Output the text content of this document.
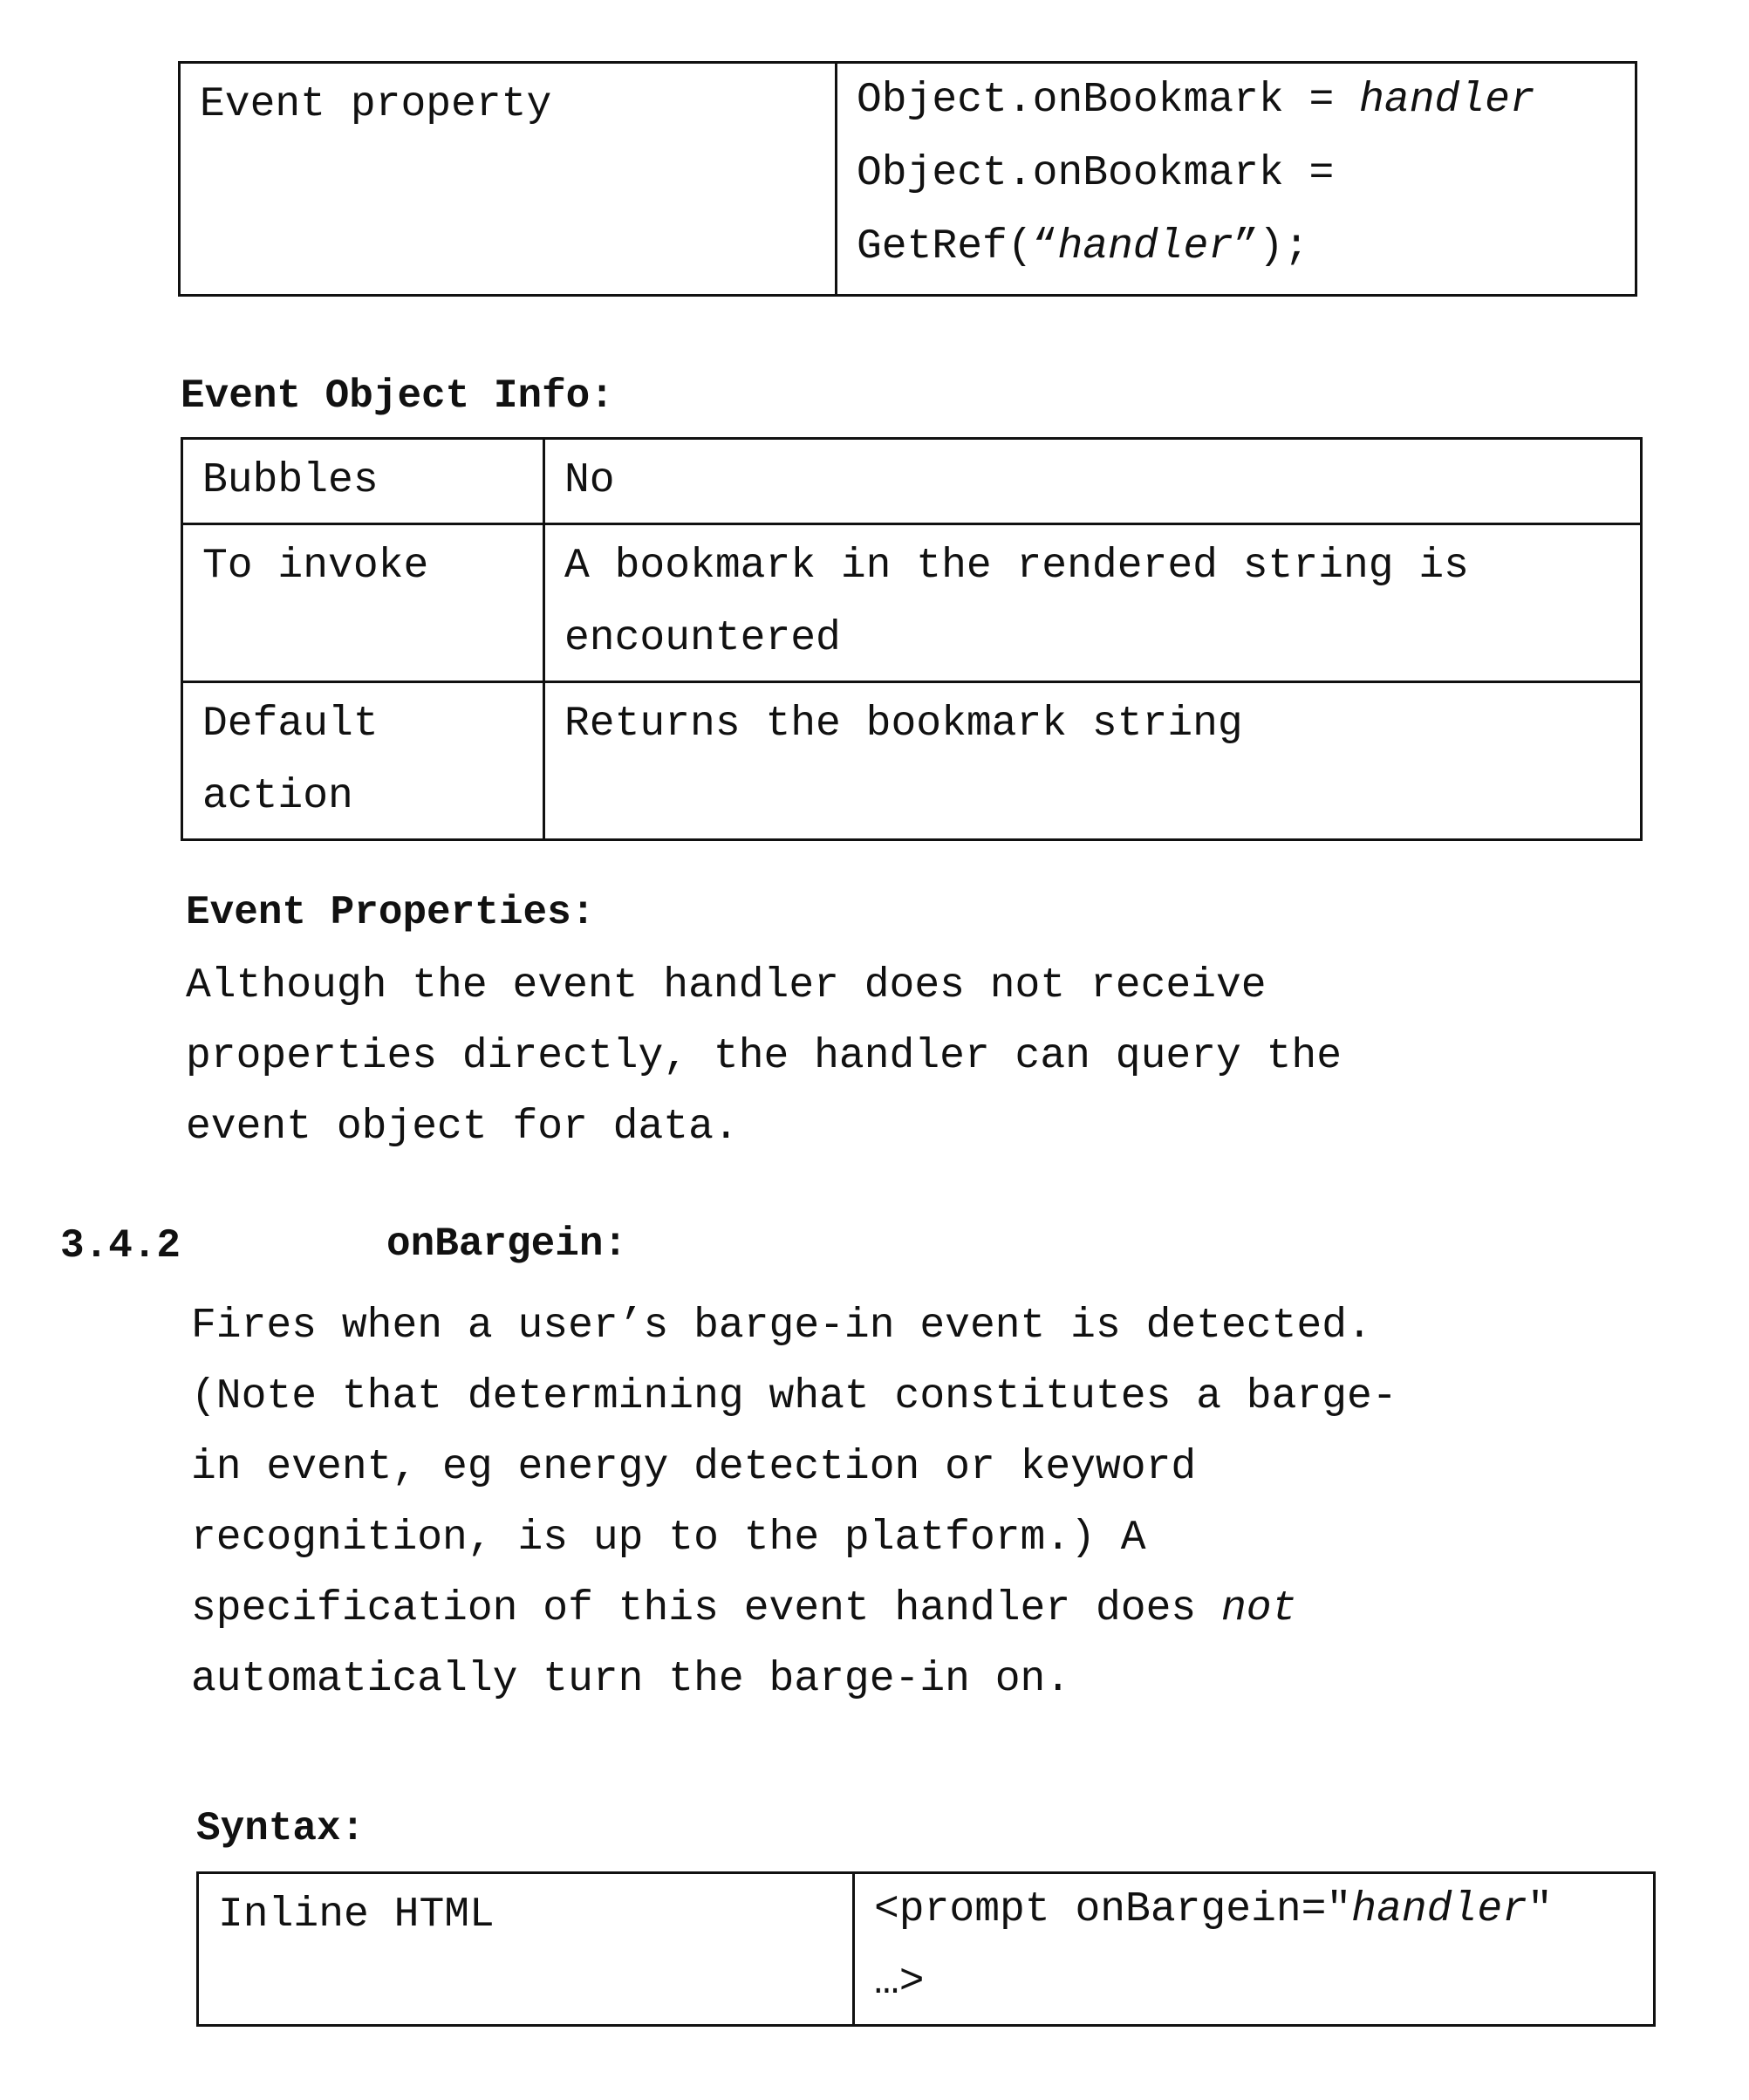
Event property	Object.onBookmark = handler
Object.onBookmark =
GetRef(“handler”);
Event Object Info:
Bubbles	No
To invoke	A bookmark in the rendered string is encountered
Default action	Returns the bookmark string
Event Properties:
Although the event handler does not receive
properties directly, the handler can query the
event object for data.
3.4.2	onBargein:
Fires when a user’s barge-in event is detected.
(Note that determining what constitutes a barge-
in event, eg energy detection or keyword
recognition, is up to the platform.) A
specification of this event handler does not
automatically turn the barge-in on.
Syntax:
Inline HTML	<prompt onBargein="handler"
…>
